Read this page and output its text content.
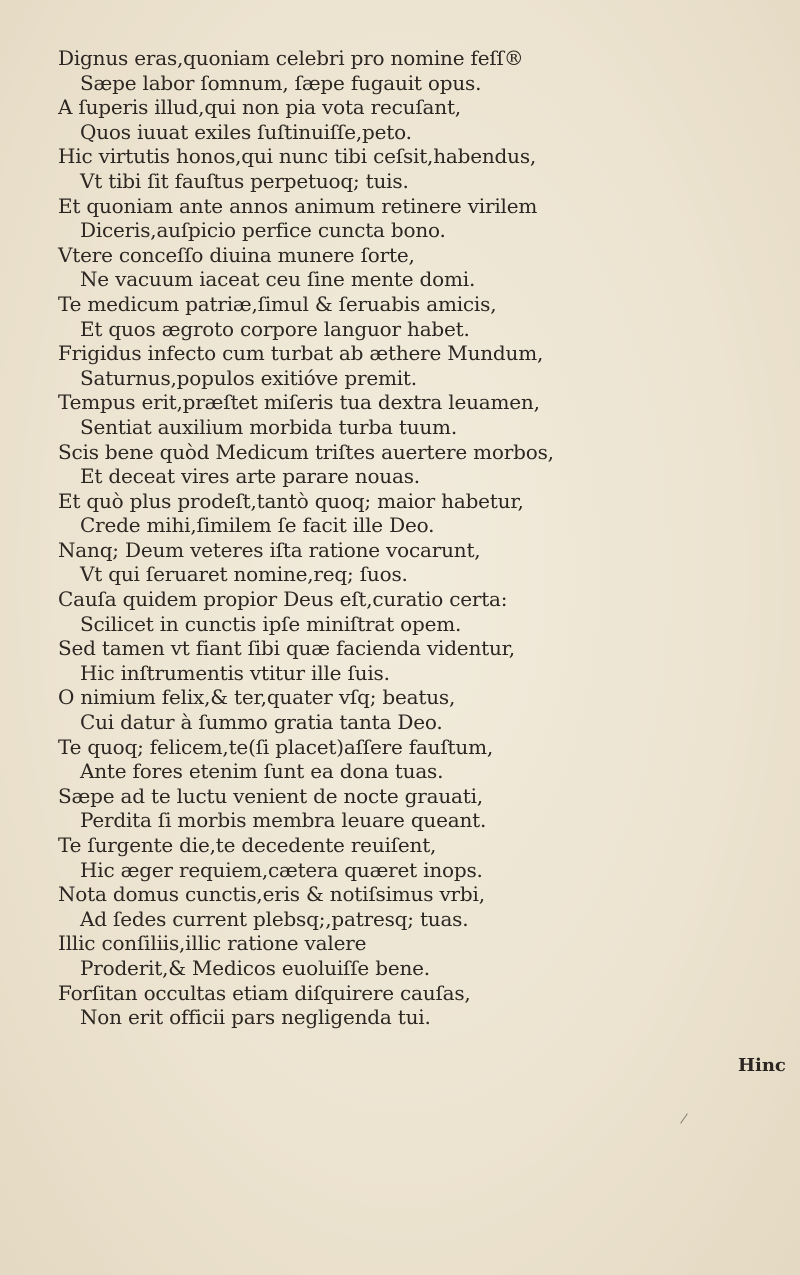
Dignus eras,quoniam celebri pro nomine feſſ®
Sæpe labor ſomnum, ſæpe fugauit opus.
A ſuperis illud,qui non pia vota recuſant,
Quos iuuat exiles ſuſtinuiſſe,peto.
Hic virtutis honos,qui nunc tibi ceſsit,habendus,
Vt tibi ſit fauſtus perpetuoq; tuis.
Et quoniam ante annos animum retinere virilem
Diceris,auſpicio perfice cuncta bono.
Vtere conceſſo diuina munere ſorte,
Ne vacuum iaceat ceu ſine mente domi.
Te medicum patriæ,ſimul & ſeruabis amicis,
Et quos ægroto corpore languor habet.
Frigidus infecto cum turbat ab æthere Mundum,
Saturnus,populos exitióve premit.
Tempus erit,præſtet miſeris tua dextra leuamen,
Sentiat auxilium morbida turba tuum.
Scis bene quòd Medicum triſtes auertere morbos,
Et deceat vires arte parare nouas.
Et quò plus prodeſt,tantò quoq; maior habetur,
Crede mihi,ſimilem ſe facit ille Deo.
Nanq; Deum veteres iſta ratione vocarunt,
Vt qui ſeruaret nomine,req; ſuos.
Cauſa quidem propior Deus eſt,curatio certa:
Scilicet in cunctis ipſe miniſtrat opem.
Sed tamen vt fiant ſibi quæ facienda videntur,
Hic inſtrumentis vtitur ille ſuis.
O nimium felix,& ter,quater vſq; beatus,
Cui datur à ſummo gratia tanta Deo.
Te quoq; felicem,te(ſi placet)aſſere fauſtum,
Ante fores etenim ſunt ea dona tuas.
Sæpe ad te luctu venient de nocte grauati,
Perdita ſi morbis membra leuare queant.
Te ſurgente die,te decedente reuiſent,
Hic æger requiem,cætera quæret inops.
Nota domus cunctis,eris & notiſsimus vrbi,
Ad ſedes current plebsq;,patresq; tuas.
Illic conſiliis,illic ratione valere
Proderit,& Medicos euoluiſſe bene.
Forſitan occultas etiam diſquirere cauſas,
Non erit officii pars negligenda tui.
Hinc
